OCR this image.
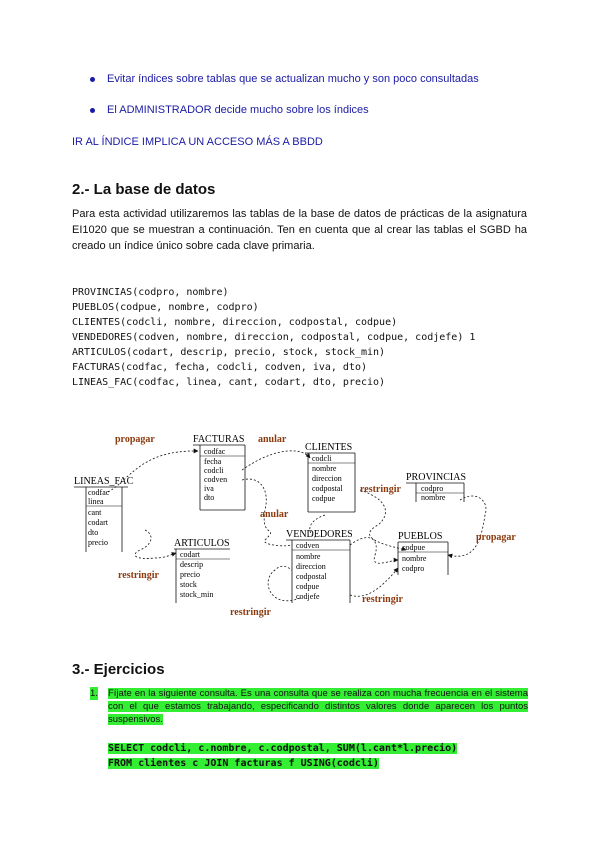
Evitar índices sobre tablas que se actualizan mucho y son poco consultadas
El ADMINISTRADOR decide mucho sobre los índices
IR AL ÍNDICE IMPLICA UN ACCESO MÁS A BBDD
2.- La base de datos
Para esta actividad utilizaremos las tablas de la base de datos de prácticas de la asignatura EI1020 que se muestran a continuación. Ten en cuenta que al crear las tablas el SGBD ha creado un índice único sobre cada clave primaria.
PROVINCIAS(codpro, nombre)
PUEBLOS(codpue, nombre, codpro)
CLIENTES(codcli, nombre, direccion, codpostal, codpue)
VENDEDORES(codven, nombre, direccion, codpostal, codpue, codjefe) 1
ARTICULOS(codart, descrip, precio, stock, stock_min)
FACTURAS(codfac, fecha, codcli, codven, iva, dto)
LINEAS_FAC(codfac, linea, cant, codart, dto, precio)
FACTURAS
codfac
fecha
codcli
codven
iva
dto
CLIENTES
codcli
nombre
direccion
codpostal
codpue
PROVINCIAS
codpro
nombre
LINEAS_FAC
codfac
linea
cant
codart
dto
precio	ARTICULOS
codart
descrip
precio
stock
stock_min
VENDEDORES
codven
nombre
direccion
codpostal
codpue
codjefe
PUEBLOS
codpue
nombre
codpro
propagar	anular
restringir
anular
restringir
restringir
restringir
propagar
3.- Ejercicios
1. Fíjate en la siguiente consulta. Es una consulta que se realiza con mucha frecuencia en el sistema con el que estamos trabajando, especificando distintos valores donde aparecen los puntos suspensivos.
SELECT codcli, c.nombre, c.codpostal, SUM(l.cant*l.precio)
FROM clientes c JOIN facturas f USING(codcli)
